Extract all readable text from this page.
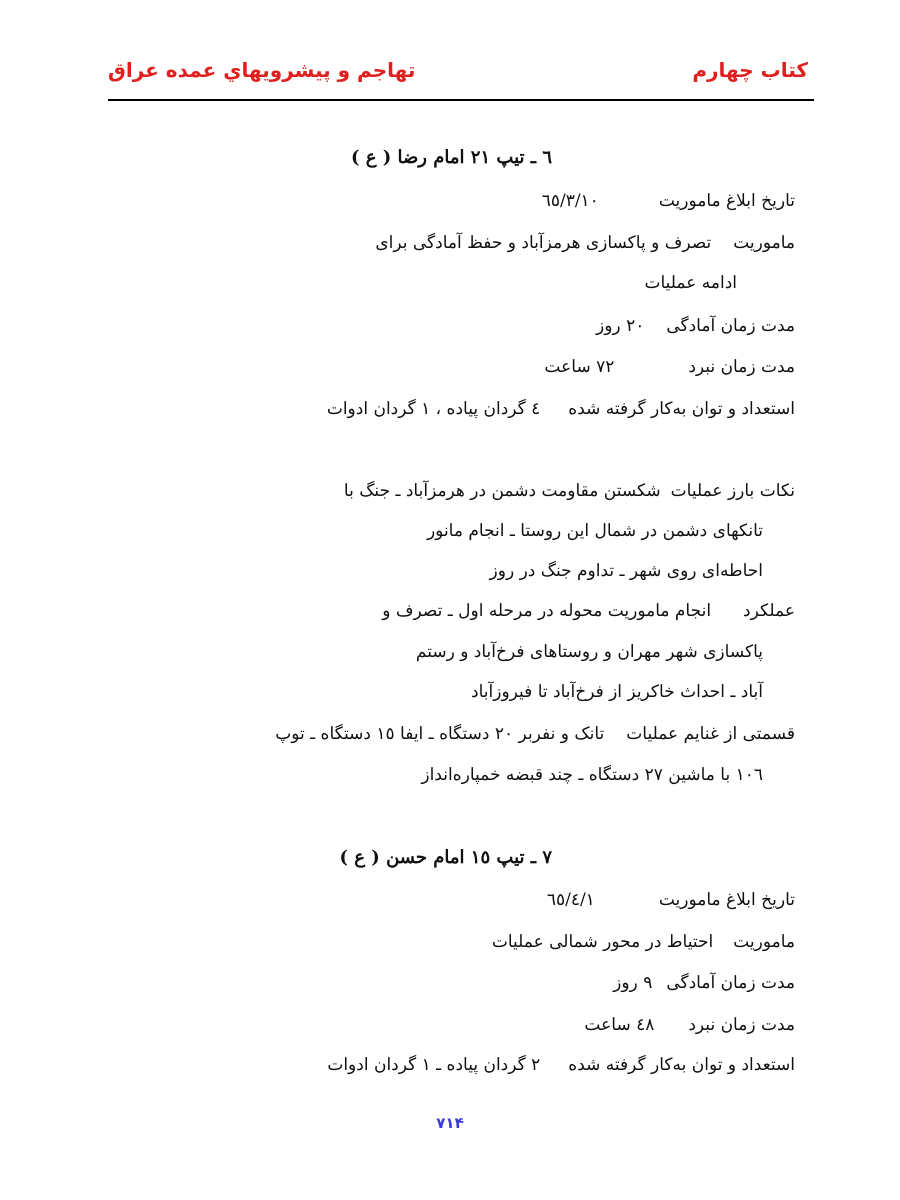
کتاب چهارم
تهاجم و پیشرویهاي عمده عراق
٦ ـ تیپ ٢١ امام رضا ( ع )
تاریخ ابلاغ ماموریت٦٥/٣/١٠
ماموریتتصرف و پاکسازی هرمزآباد و حفظ آمادگی برای
ادامه عملیات
مدت زمان آمادگی٢٠ روز
مدت زمان نبرد٧٢ ساعت
استعداد و توان به‌کار گرفته شده٤ گردان پیاده ، ١ گردان ادوات
نکات بارز عملیاتشکستن مقاومت دشمن در هرمزآباد ـ جنگ با
تانکهای دشمن در شمال این روستا ـ انجام مانور
احاطه‌ای روی شهر ـ تداوم جنگ در روز
عملکردانجام ماموریت محوله در مرحله اول ـ تصرف و
پاکسازی شهر مهران و روستاهای فرخ‌آباد و رستم
آباد ـ احداث خاکریز از فرخ‌آباد تا فیروزآباد
قسمتی از غنایم عملیاتتانک و نفربر ٢٠ دستگاه ـ ایفا ١٥ دستگاه ـ توپ
١٠٦ با ماشین ٢٧ دستگاه ـ چند قبضه خمپاره‌انداز
٧ ـ تیپ ١٥ امام حسن ( ع )
تاریخ ابلاغ ماموریت٦٥/٤/١
ماموریتاحتیاط در محور شمالی عملیات
مدت زمان آمادگی٩ روز
مدت زمان نبرد٤٨ ساعت
استعداد و توان به‌کار گرفته شده٢ گردان پیاده ـ ١ گردان ادوات
٧١۴
